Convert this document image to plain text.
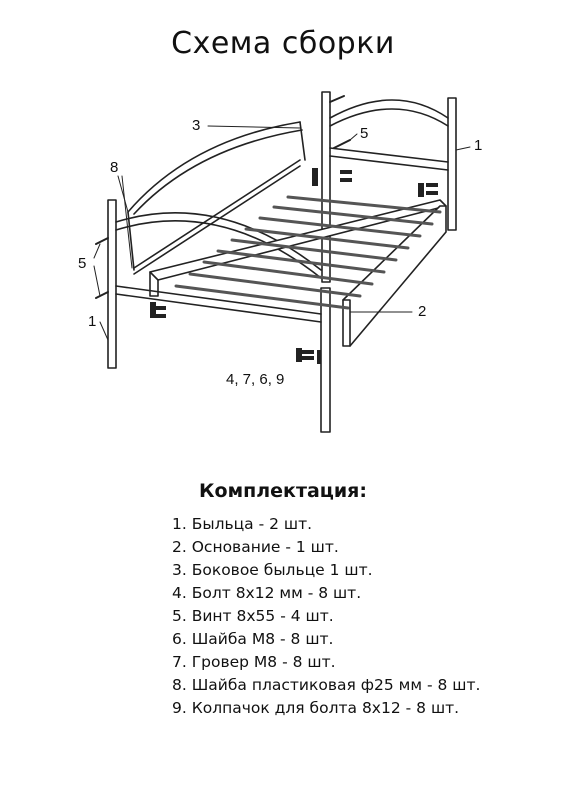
Схема сборки
3	5
1
2
8
5
1
4, 7, 6, 9
Комплектация:
1. Быльца - 2 шт.
2. Основание - 1 шт.
3. Боковое быльце 1 шт.
4. Болт 8х12 мм - 8 шт.
5. Винт 8х55 - 4 шт.
6. Шайба М8 - 8 шт.
7. Гровер М8 - 8 шт.
8. Шайба пластиковая ф25 мм - 8 шт.
9. Колпачок для болта 8х12 - 8 шт.
